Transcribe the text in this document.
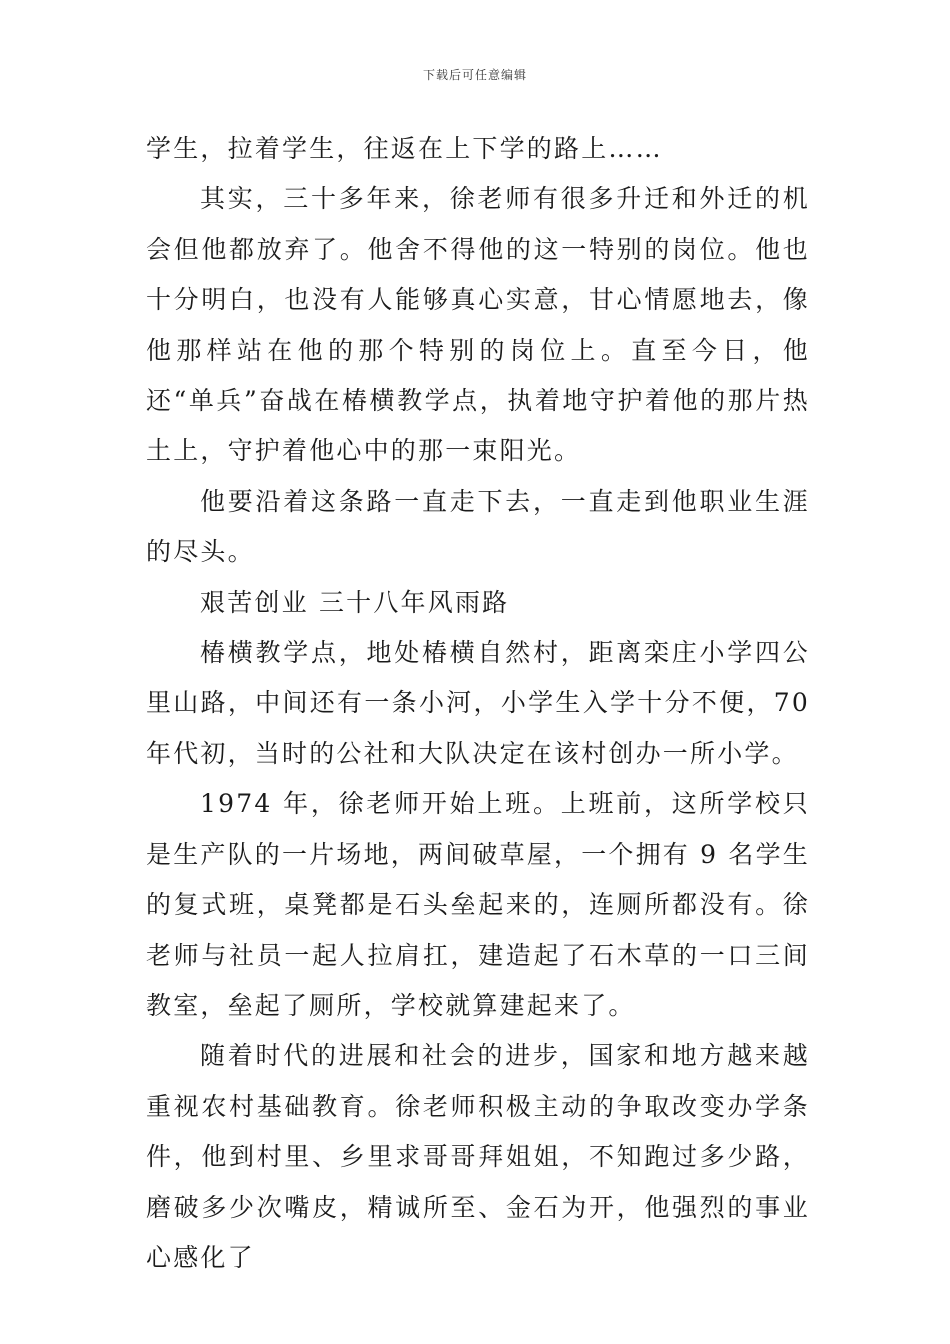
下载后可任意编辑

学生，拉着学生，往返在上下学的路上……

其实，三十多年来，徐老师有很多升迁和外迁的机会但他都放弃了。他舍不得他的这一特别的岗位。他也十分明白，也没有人能够真心实意，甘心情愿地去，像他那样站在他的那个特别的岗位上。直至今日，他还“单兵”奋战在椿横教学点，执着地守护着他的那片热土上，守护着他心中的那一束阳光。

他要沿着这条路一直走下去，一直走到他职业生涯的尽头。

艰苦创业 三十八年风雨路

椿横教学点，地处椿横自然村，距离栾庄小学四公里山路，中间还有一条小河，小学生入学十分不便，70年代初，当时的公社和大队决定在该村创办一所小学。

1974 年，徐老师开始上班。上班前，这所学校只是生产队的一片场地，两间破草屋，一个拥有 9 名学生的复式班，桌凳都是石头垒起来的，连厕所都没有。徐老师与社员一起人拉肩扛，建造起了石木草的一口三间教室，垒起了厕所，学校就算建起来了。

随着时代的进展和社会的进步，国家和地方越来越重视农村基础教育。徐老师积极主动的争取改变办学条件，他到村里、乡里求哥哥拜姐姐，不知跑过多少路，磨破多少次嘴皮，精诚所至、金石为开，他强烈的事业心感化了
